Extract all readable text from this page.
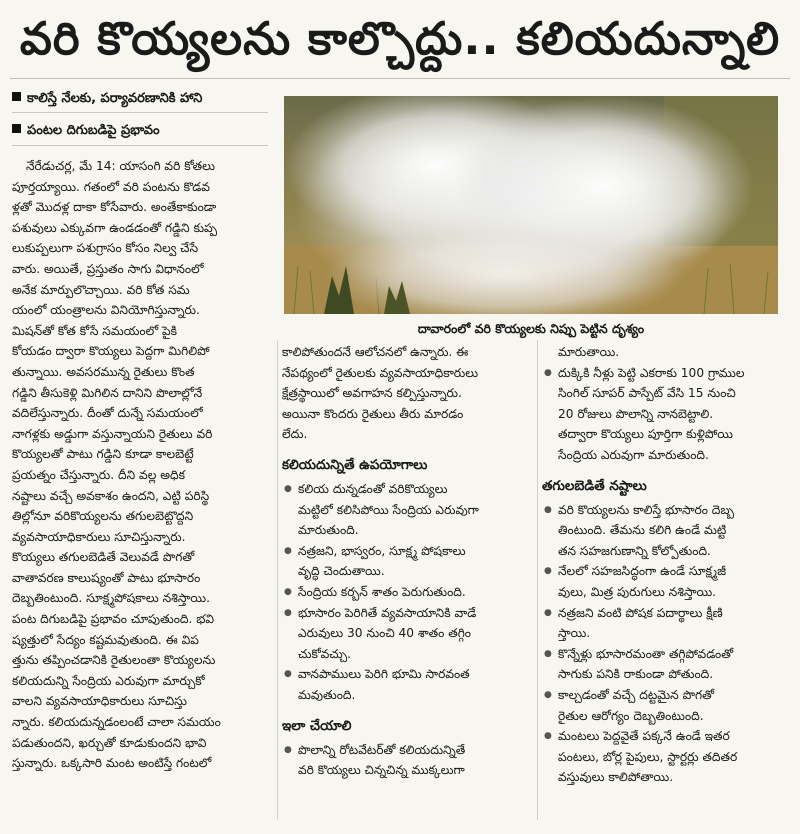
వరి కొయ్యలను కాల్చొద్దు.. కలియదున్నాలి
కాలిస్తే నేలకు, పర్యావరణానికి హాని
పంటల దిగుబడిపై ప్రభావం
నేరేడుచర్ల, మే 14: యాసంగి వరి కోతలు
పూర్తయ్యాయి. గతంలో వరి పంటను కొడవ
ళ్లతో మొదళ్ల దాకా కోసేవారు. అంతేకాకుండా
పశువులు ఎక్కువగా ఉండడంతో గడ్డిని కుప్ప
లుకుప్పలుగా పశుగ్రాసం కోసం నిల్వ చేసే
వారు. అయితే, ప్రస్తుతం సాగు విధానంలో
అనేక మార్పులొచ్చాయి. వరి కోత సమ
యంలో యంత్రాలను వినియోగిస్తున్నారు.
మిషన్‌తో కోత కోసే సమయంలో పైకి
కోయడం ద్వారా కొయ్యలు పెద్దగా మిగిలిపో
తున్నాయి. అవసరమున్న రైతులు కొంత
గడ్డిని తీసుకెళ్లి మిగిలిన దానిని పొలాల్లోనే
వదిలేస్తున్నారు. దీంతో దున్నే సమయంలో
నాగళ్లకు అడ్డుగా వస్తున్నాయని రైతులు వరి
కొయ్యలతో పాటు గడ్డిని కూడా కాలబెట్టే
ప్రయత్నం చేస్తున్నారు. దీని వల్ల అధిక
నష్టాలు వచ్చే అవకాశం ఉందని, ఎట్టి పరిస్థి
తిల్లోనూ వరికొయ్యలను తగులబెట్టొద్దని
వ్యవసాయాధికారులు సూచిస్తున్నారు.
కొయ్యలు తగులబెడితే వెలువడే పొగతో
వాతావరణ కాలుష్యంతో పాటు భూసారం
దెబ్బతింటుంది. సూక్ష్మపోషకాలు నశిస్తాయి.
పంట దిగుబడిపై ప్రభావం చూపుతుంది. భవి
ష్యత్తులో సేద్యం కష్టమవుతుంది. ఈ విప
త్తును తప్పించడానికి రైతులంతా కొయ్యలను
కలియదున్ని సేంద్రియ ఎరువుగా మార్చుకో
వాలని వ్యవసాయాధికారులు సూచిస్తు
న్నారు. కలియదున్నడంలంటే చాలా సమయం
పడుతుందని, ఖర్చుతో కూడుకుందని భావి
స్తున్నారు. ఒక్కసారి మంట అంటిస్తే గంటలో
దావారంలో వరి కొయ్యలకు నిప్పు పెట్టిన దృశ్యం
కాలిపోతుందనే ఆలోచనలో ఉన్నారు. ఈ
నేపథ్యంలో రైతులకు వ్యవసాయాధికారులు
క్షేత్రస్థాయిలో అవగాహన కల్పిస్తున్నారు.
అయినా కొందరు రైతులు తీరు మారడం
లేదు.
కలియదున్నితే ఉపయోగాలు
● కలియ దున్నడంతో వరికొయ్యలు
మట్టిలో కలిసిపోయి సేంద్రియ ఎరువుగా
మారుతుంది.
● నత్రజని, భాస్వరం, సూక్ష్మ పోషకాలు
వృద్ధి చెందుతాయి.
● సేంద్రియ కర్బన్ శాతం పెరుగుతుంది.
● భూసారం పెరిగితే వ్యవసాయానికి వాడే
ఎరువులు 30 నుంచి 40 శాతం తగ్గిం
చుకోవచ్చు.
● వానపాములు పెరిగి భూమి సారవంత
మవుతుంది.
ఇలా చేయాలి
● పొలాన్ని రోటవేటర్‌తో కలియదున్నితే
వరి కొయ్యలు చిన్నచిన్న ముక్కలుగా
మారుతాయి.
● దుక్కికి నీళ్లు పెట్టి ఎకరాకు 100 గ్రాముల
సింగిల్ సూపర్ పాస్పేట్ వేసి 15 నుంచి
20 రోజులు పొలాన్ని నానబెట్టాలి.
తద్వారా కొయ్యలు పూర్తిగా కుళ్లిపోయి
సేంద్రియ ఎరువుగా మారుతుంది.
తగులబెడితే నష్టాలు
● వరి కొయ్యలను కాలిస్తే భూసారం దెబ్బ
తింటుంది. తేమను కలిగి ఉండే మట్టి
తన సహజగుణాన్ని కోల్పోతుంది.
● నేలలో సహజసిద్ధంగా ఉండే సూక్ష్మజీ
వులు, మిత్ర పురుగులు నశిస్తాయి.
● నత్రజని వంటి పోషక పదార్థాలు క్షీణి
స్తాయి.
● కొన్నేళ్లు భూసారమంతా తగ్గిపోవడంతో
సాగుకు పనికి రాకుండా పోతుంది.
● కాల్చడంతో వచ్చే దట్టమైన పొగతో
రైతుల ఆరోగ్యం దెబ్బతింటుంది.
● మంటలు పెద్దవైతే పక్కనే ఉండే ఇతర
పంటలు, బోర్ల పైపులు, స్టార్టర్లు తదితర
వస్తువులు కాలిపోతాయి.
